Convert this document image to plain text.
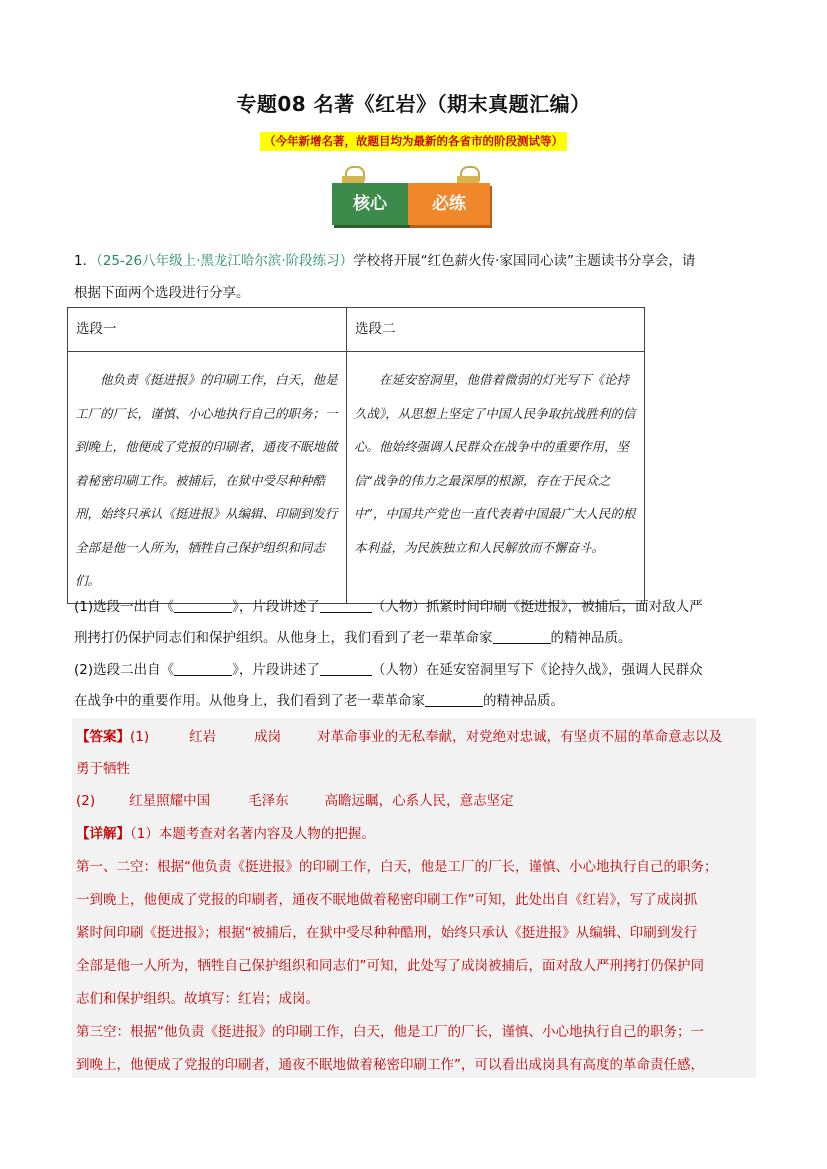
专题08 名著《红岩》（期末真题汇编）
（今年新增名著，故题目均为最新的各省市的阶段测试等）
核心	必练
1．（25-26八年级上·黑龙江哈尔滨·阶段练习）学校将开展“红色薪火传·家国同心读”主题读书分享会，请
根据下面两个选段进行分享。
选段一	选段二

他负责《挺进报》的印刷工作，白天，他是工厂的厂长，谨慎、小心地执行自己的职务；一到晚上，他便成了党报的印刷者，通夜不眠地做着秘密印刷工作。被捕后，在狱中受尽种种酷刑，始终只承认《挺进报》从编辑、印刷到发行全部是他一人所为，牺牲自己保护组织和同志们。	在延安窑洞里，他借着微弱的灯光写下《论持久战》，从思想上坚定了中国人民争取抗战胜利的信心。他始终强调人民群众在战争中的重要作用，坚信“战争的伟力之最深厚的根源，存在于民众之中”，中国共产党也一直代表着中国最广大人民的根本利益，为民族独立和人民解放而不懈奋斗。
(1)选段一出自《	》，片段讲述了	（人物）抓紧时间印刷《挺进报》，被捕后，面对敌人严
刑拷打仍保护同志们和保护组织。从他身上，我们看到了老一辈革命家	的精神品质。
(2)选段二出自《	》，片段讲述了	（人物）在延安窑洞里写下《论持久战》，强调人民群众
在战争中的重要作用。从他身上，我们看到了老一辈革命家	的精神品质。
【答案】(1)	红岩	成岗	对革命事业的无私奉献，对党绝对忠诚，有坚贞不屈的革命意志以及
勇于牺牲
(2)	红星照耀中国	毛泽东	高瞻远瞩，心系人民，意志坚定
【详解】（1）本题考查对名著内容及人物的把握。
第一、二空：根据“他负责《挺进报》的印刷工作，白天，他是工厂的厂长，谨慎、小心地执行自己的职务；
一到晚上，他便成了党报的印刷者，通夜不眠地做着秘密印刷工作”可知，此处出自《红岩》，写了成岗抓
紧时间印刷《挺进报》；根据“被捕后，在狱中受尽种种酷刑，始终只承认《挺进报》从编辑、印刷到发行
全部是他一人所为，牺牲自己保护组织和同志们”可知，此处写了成岗被捕后，面对敌人严刑拷打仍保护同
志们和保护组织。故填写：红岩；成岗。
第三空：根据“他负责《挺进报》的印刷工作，白天，他是工厂的厂长，谨慎、小心地执行自己的职务；一
到晚上，他便成了党报的印刷者，通夜不眠地做着秘密印刷工作”，可以看出成岗具有高度的革命责任感，
